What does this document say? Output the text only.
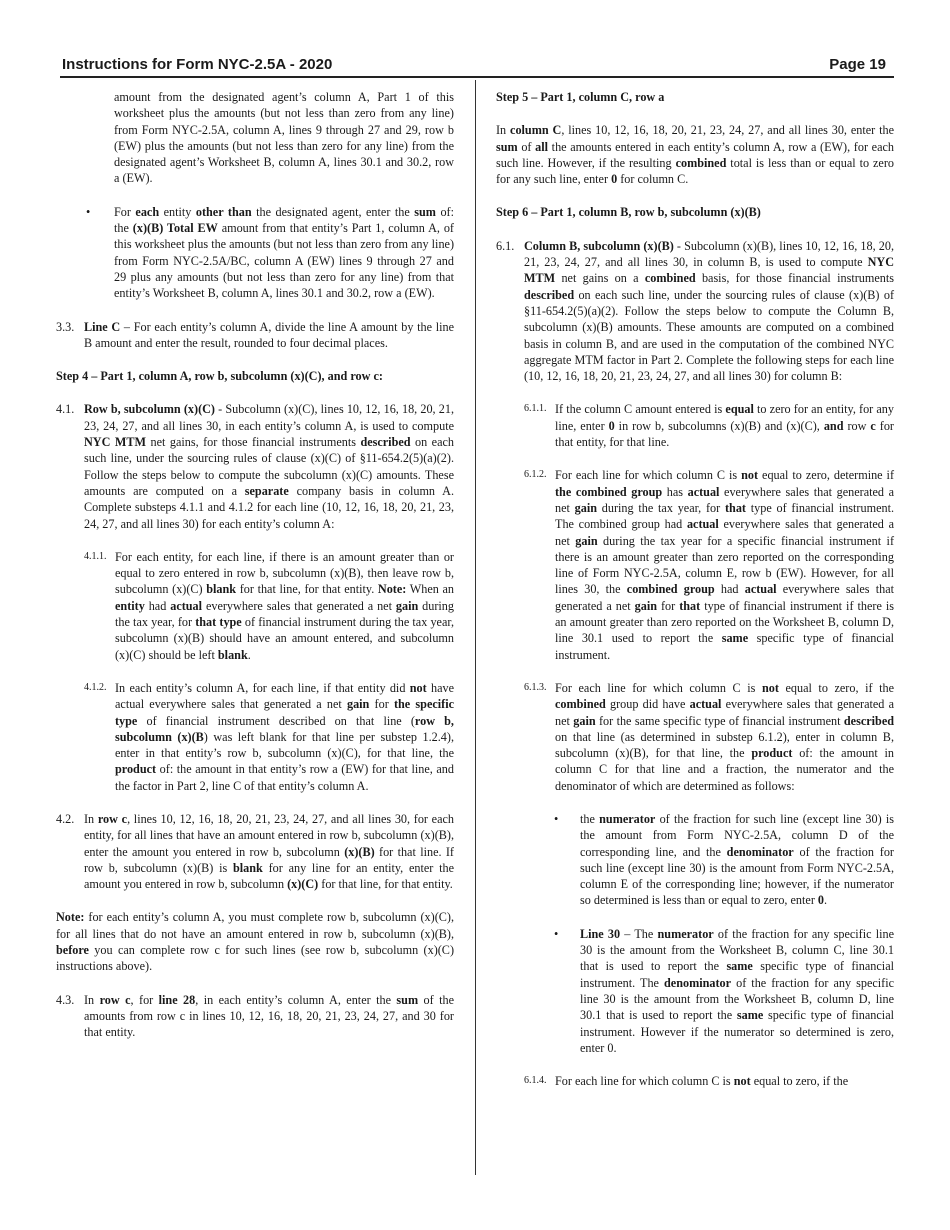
Instructions for Form NYC-2.5A - 2020	Page 19

amount from the designated agent’s column A, Part 1 of this worksheet plus the amounts (but not less than zero from any line) from Form NYC-2.5A, column A, lines 9 through 27 and 29, row b (EW) plus the amounts (but not less than zero for any line) from the designated agent’s Worksheet B, column A, lines 30.1 and 30.2, row a (EW).

•	For each entity other than the designated agent, enter the sum of: the (x)(B) Total EW amount from that entity’s Part 1, column A, of this worksheet plus the amounts (but not less than zero from any line) from Form NYC-2.5A/BC, column A (EW) lines 9 through 27 and 29 plus any amounts (but not less than zero for any line) from that entity’s Worksheet B, column A, lines 30.1 and 30.2, row a (EW).
3.3. Line C – For each entity’s column A, divide the line A amount by the line B amount and enter the result, rounded to four decimal places.

Step 4 – Part 1, column A, row b, subcolumn (x)(C), and row c:

4.1. Row b, subcolumn (x)(C) - Subcolumn (x)(C), lines 10, 12, 16, 18, 20, 21, 23, 24, 27, and all lines 30, in each entity’s column A, is used to compute NYC MTM net gains, for those financial instruments described on each such line, under the sourcing rules of clause (x)(C) of §11-654.2(5)(a)(2). Follow the steps below to compute the subcolumn (x)(C) amounts. These amounts are computed on a separate company basis in column A. Complete substeps 4.1.1 and 4.1.2 for each line (10, 12, 16, 18, 20, 21, 23, 24, 27, and all lines 30) for each entity’s column A:
4.1.1. For each entity, for each line, if there is an amount greater than or equal to zero entered in row b, subcolumn (x)(B), then leave row b, subcolumn (x)(C) blank for that line, for that entity. Note: When an entity had actual everywhere sales that generated a net gain during the tax year, for that type of financial instrument during the tax year, subcolumn (x)(B) should have an amount entered, and subcolumn (x)(C) should be left blank.
4.1.2. In each entity’s column A, for each line, if that entity did not have actual everywhere sales that generated a net gain for the specific type of financial instrument described on that line (row b, subcolumn (x)(B) was left blank for that line per substep 1.2.4), enter in that entity’s row b, subcolumn (x)(C), for that line, the product of: the amount in that entity’s row a (EW) for that line, and the factor in Part 2, line C of that entity’s column A.
4.2. In row c, lines 10, 12, 16, 18, 20, 21, 23, 24, 27, and all lines 30, for each entity, for all lines that have an amount entered in row b, subcolumn (x)(B), enter the amount you entered in row b, subcolumn (x)(B) for that line. If row b, subcolumn (x)(B) is blank for any line for an entity, enter the amount you entered in row b, subcolumn (x)(C) for that line, for that entity.

Note: for each entity’s column A, you must complete row b, subcolumn (x)(C), for all lines that do not have an amount entered in row b, subcolumn (x)(B), before you can complete row c for such lines (see row b, subcolumn (x)(C) instructions above).

4.3. In row c, for line 28, in each entity’s column A, enter the sum of the amounts from row c in lines 10, 12, 16, 18, 20, 21, 23, 24, 27, and 30 for that entity.

Step 5 – Part 1, column C, row a

In column C, lines 10, 12, 16, 18, 20, 21, 23, 24, 27, and all lines 30, enter the sum of all the amounts entered in each entity’s column A, row a (EW), for each such line. However, if the resulting combined total is less than or equal to zero for any such line, enter 0 for column C.

Step 6 – Part 1, column B, row b, subcolumn (x)(B)

6.1. Column B, subcolumn (x)(B) - Subcolumn (x)(B), lines 10, 12, 16, 18, 20, 21, 23, 24, 27, and all lines 30, in column B, is used to compute NYC MTM net gains on a combined basis, for those financial instruments described on each such line, under the sourcing rules of clause (x)(B) of §11-654.2(5)(a)(2). Follow the steps below to compute the Column B, subcolumn (x)(B) amounts. These amounts are computed on a combined basis in column B, and are used in the computation of the combined NYC aggregate MTM factor in Part 2. Complete the following steps for each line (10, 12, 16, 18, 20, 21, 23, 24, 27, and all lines 30) for column B:
6.1.1. If the column C amount entered is equal to zero for an entity, for any line, enter 0 in row b, subcolumns (x)(B) and (x)(C), and row c for that entity, for that line.
6.1.2. For each line for which column C is not equal to zero, determine if the combined group has actual everywhere sales that generated a net gain during the tax year, for that type of financial instrument. The combined group had actual everywhere sales that generated a net gain during the tax year for a specific financial instrument if there is an amount greater than zero reported on the corresponding line of Form NYC-2.5A, column E, row b (EW). However, for all lines 30, the combined group had actual everywhere sales that generated a net gain for that type of financial instrument if there is an amount greater than zero reported on the Worksheet B, column D, line 30.1 used to report the same specific type of financial instrument.
6.1.3. For each line for which column C is not equal to zero, if the combined group did have actual everywhere sales that generated a net gain for the same specific type of financial instrument described on that line (as determined in substep 6.1.2), enter in column B, subcolumn (x)(B), for that line, the product of: the amount in column C for that line and a fraction, the numerator and the denominator of which are determined as follows:
•	the numerator of the fraction for such line (except line 30) is the amount from Form NYC-2.5A, column D of the corresponding line, and the denominator of the fraction for such line (except line 30) is the amount from Form NYC-2.5A, column E of the corresponding line; however, if the numerator so determined is less than or equal to zero, enter 0.
•	Line 30 – The numerator of the fraction for any specific line 30 is the amount from the Worksheet B, column C, line 30.1 that is used to report the same specific type of financial instrument. The denominator of the fraction for any specific line 30 is the amount from the Worksheet B, column D, line 30.1 that is used to report the same specific type of financial instrument. However if the numerator so determined is zero, enter 0.
6.1.4. For each line for which column C is not equal to zero, if the
